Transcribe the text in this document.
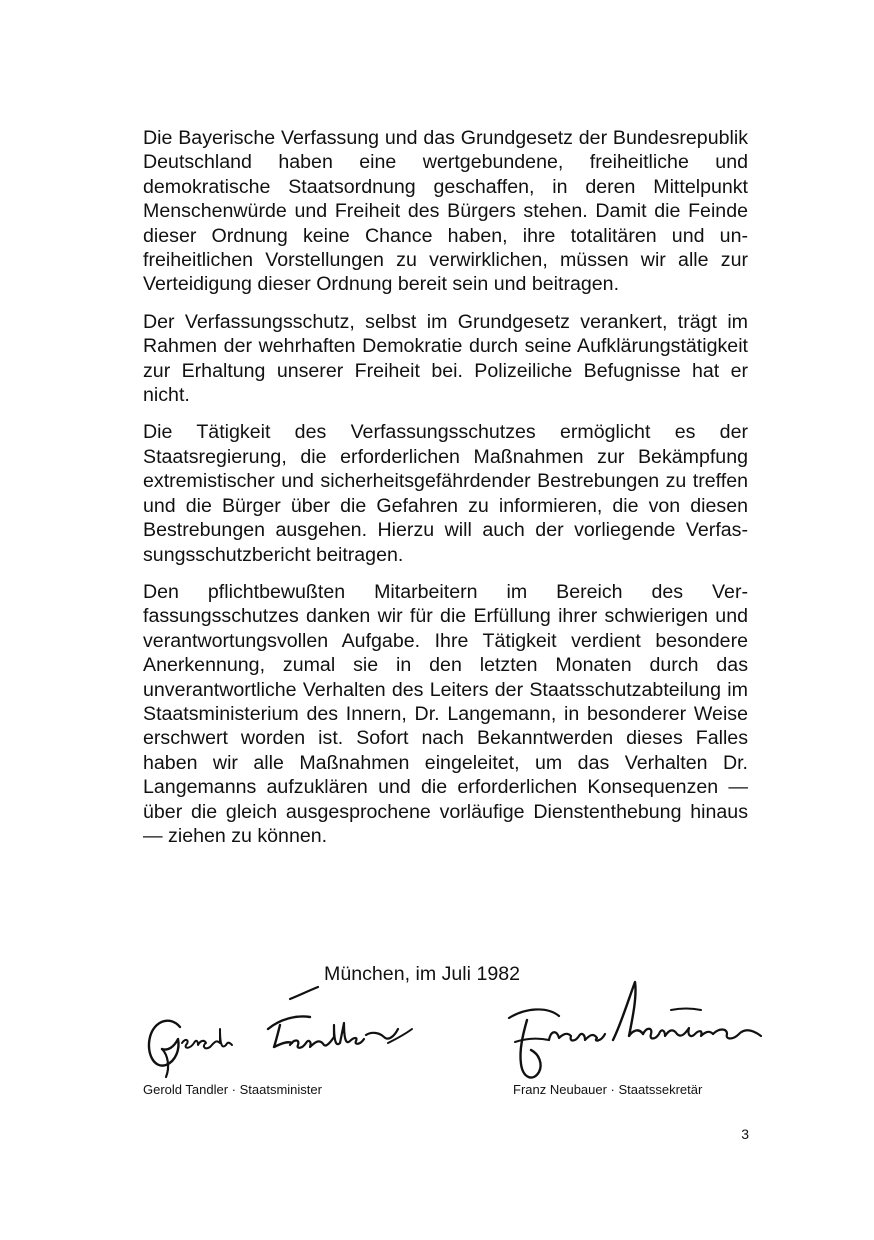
Die Bayerische Verfassung und das Grundgesetz der Bundesrepublik Deutschland haben eine wertgebundene, freiheitliche und demokratische Staatsordnung geschaffen, in deren Mittelpunkt Menschenwürde und Freiheit des Bürgers stehen. Damit die Feinde dieser Ordnung keine Chance haben, ihre totalitären und unfreiheitlichen Vorstellungen zu verwirklichen, müssen wir alle zur Verteidigung dieser Ordnung bereit sein und beitragen.

Der Verfassungsschutz, selbst im Grundgesetz verankert, trägt im Rahmen der wehrhaften Demokratie durch seine Aufklärungstätigkeit zur Erhaltung unserer Freiheit bei. Polizeiliche Befugnisse hat er nicht.

Die Tätigkeit des Verfassungsschutzes ermöglicht es der Staatsregierung, die erforderlichen Maßnahmen zur Bekämpfung extremistischer und sicherheitsgefährdender Bestrebungen zu treffen und die Bürger über die Gefahren zu informieren, die von diesen Bestrebungen ausgehen. Hierzu will auch der vorliegende Verfassungsschutzbericht beitragen.

Den pflichtbewußten Mitarbeitern im Bereich des Verfassungsschutzes danken wir für die Erfüllung ihrer schwierigen und verantwortungsvollen Aufgabe. Ihre Tätigkeit verdient besondere Anerkennung, zumal sie in den letzten Monaten durch das unverantwortliche Verhalten des Leiters der Staatsschutzabteilung im Staatsministerium des Innern, Dr. Langemann, in besonderer Weise erschwert worden ist. Sofort nach Bekanntwerden dieses Falles haben wir alle Maßnahmen eingeleitet, um das Verhalten Dr. Langemanns aufzuklären und die erforderlichen Konsequenzen — über die gleich ausgesprochene vorläufige Dienstenthebung hinaus — ziehen zu können.

München, im Juli 1982
Gerold Tandler · Staatsminister	Franz Neubauer · Staatssekretär
3
